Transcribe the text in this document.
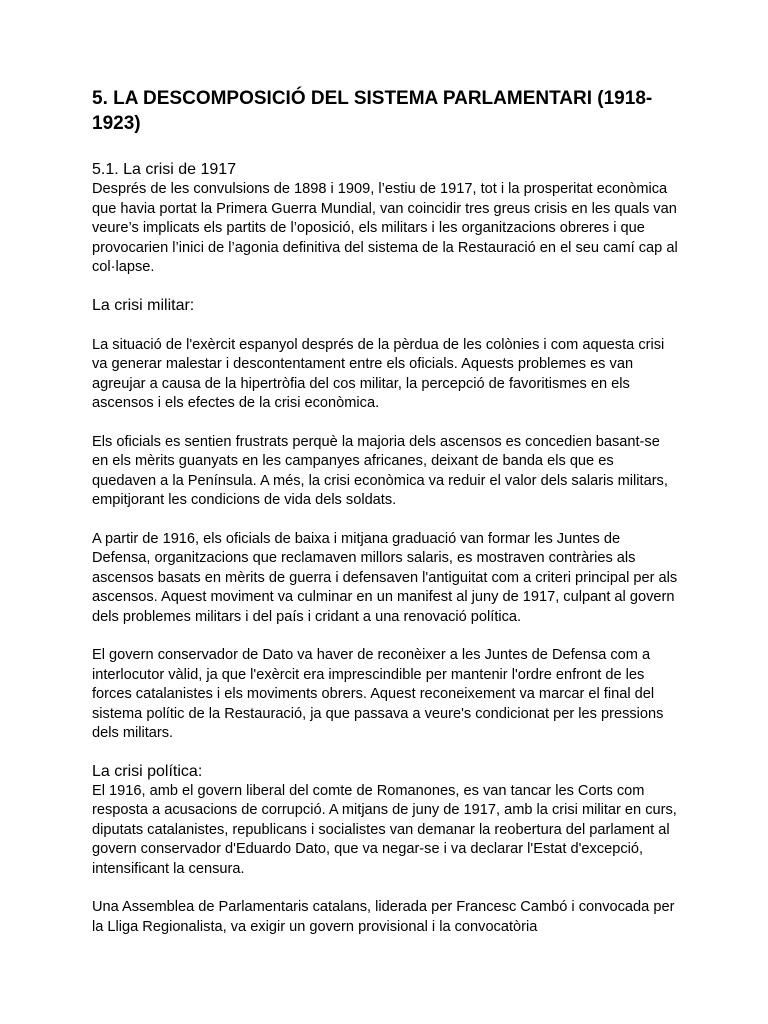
5. LA DESCOMPOSICIÓ DEL SISTEMA PARLAMENTARI (1918-1923)
5.1. La crisi de 1917

Després de les convulsions de 1898 i 1909, l’estiu de 1917, tot i la prosperitat econòmica que havia portat la Primera Guerra Mundial, van coincidir tres greus crisis en les quals van veure’s implicats els partits de l’oposició, els militars i les organitzacions obreres i que provocarien l’inici de l’agonia definitiva del sistema de la Restauració en el seu camí cap al col·lapse.

La crisi militar:

La situació de l'exèrcit espanyol després de la pèrdua de les colònies i com aquesta crisi va generar malestar i descontentament entre els oficials. Aquests problemes es van agreujar a causa de la hipertròfia del cos militar, la percepció de favoritismes en els ascensos i els efectes de la crisi econòmica.

Els oficials es sentien frustrats perquè la majoria dels ascensos es concedien basant-se en els mèrits guanyats en les campanyes africanes, deixant de banda els que es quedaven a la Península. A més, la crisi econòmica va reduir el valor dels salaris militars, empitjorant les condicions de vida dels soldats.

A partir de 1916, els oficials de baixa i mitjana graduació van formar les Juntes de Defensa, organitzacions que reclamaven millors salaris, es mostraven contràries als ascensos basats en mèrits de guerra i defensaven l'antiguitat com a criteri principal per als ascensos. Aquest moviment va culminar en un manifest al juny de 1917, culpant al govern dels problemes militars i del país i cridant a una renovació política.

El govern conservador de Dato va haver de reconèixer a les Juntes de Defensa com a interlocutor vàlid, ja que l'exèrcit era imprescindible per mantenir l'ordre enfront de les forces catalanistes i els moviments obrers. Aquest reconeixement va marcar el final del sistema polític de la Restauració, ja que passava a veure's condicionat per les pressions dels militars.

La crisi política:

El 1916, amb el govern liberal del comte de Romanones, es van tancar les Corts com resposta a acusacions de corrupció. A mitjans de juny de 1917, amb la crisi militar en curs, diputats catalanistes, republicans i socialistes van demanar la reobertura del parlament al govern conservador d'Eduardo Dato, que va negar-se i va declarar l'Estat d'excepció, intensificant la censura.

Una Assemblea de Parlamentaris catalans, liderada per Francesc Cambó i convocada per la Lliga Regionalista, va exigir un govern provisional i la convocatòria
